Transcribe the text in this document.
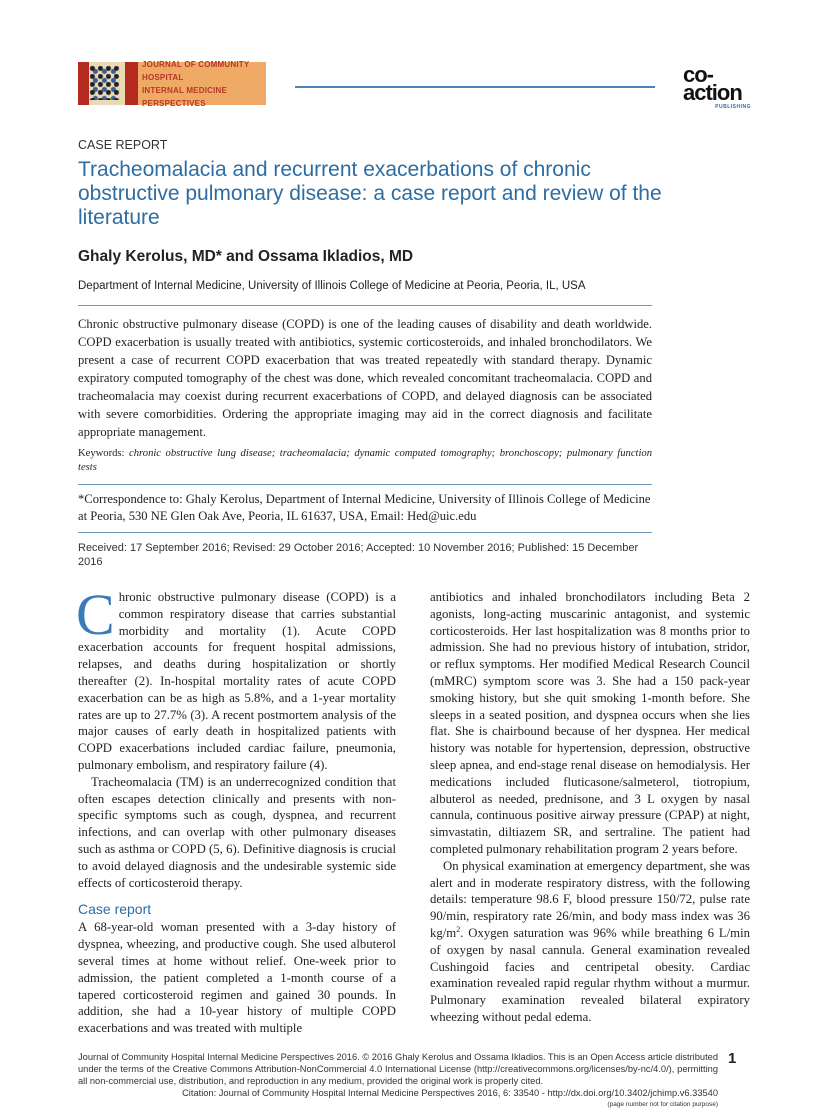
JOURNAL OF COMMUNITY HOSPITAL
INTERNAL MEDICINE PERSPECTIVES
co-action
PUBLISHING
CASE REPORT
Tracheomalacia and recurrent exacerbations of chronic obstructive pulmonary disease: a case report and review of the literature
Ghaly Kerolus, MD* and Ossama Ikladios, MD
Department of Internal Medicine, University of Illinois College of Medicine at Peoria, Peoria, IL, USA
Chronic obstructive pulmonary disease (COPD) is one of the leading causes of disability and death worldwide. COPD exacerbation is usually treated with antibiotics, systemic corticosteroids, and inhaled bronchodilators. We present a case of recurrent COPD exacerbation that was treated repeatedly with standard therapy. Dynamic expiratory computed tomography of the chest was done, which revealed concomitant tracheomalacia. COPD and tracheomalacia may coexist during recurrent exacerbations of COPD, and delayed diagnosis can be associated with severe comorbidities. Ordering the appropriate imaging may aid in the correct diagnosis and facilitate appropriate management.
Keywords: chronic obstructive lung disease; tracheomalacia; dynamic computed tomography; bronchoscopy; pulmonary function tests
*Correspondence to: Ghaly Kerolus, Department of Internal Medicine, University of Illinois College of Medicine at Peoria, 530 NE Glen Oak Ave, Peoria, IL 61637, USA, Email: Hed@uic.edu
Received: 17 September 2016; Revised: 29 October 2016; Accepted: 10 November 2016; Published: 15 December 2016

Chronic obstructive pulmonary disease (COPD) is a common respiratory disease that carries substantial morbidity and mortality (1). Acute COPD exacerbation accounts for frequent hospital admissions, relapses, and deaths during hospitalization or shortly thereafter (2). In-hospital mortality rates of acute COPD exacerbation can be as high as 5.8%, and a 1-year mortality rates are up to 27.7% (3). A recent postmortem analysis of the major causes of early death in hospitalized patients with COPD exacerbations included cardiac failure, pneumonia, pulmonary embolism, and respiratory failure (4).

Tracheomalacia (TM) is an underrecognized condition that often escapes detection clinically and presents with non-specific symptoms such as cough, dyspnea, and recurrent infections, and can overlap with other pulmonary diseases such as asthma or COPD (5, 6). Definitive diagnosis is crucial to avoid delayed diagnosis and the undesirable systemic side effects of corticosteroid therapy.

Case report

A 68-year-old woman presented with a 3-day history of dyspnea, wheezing, and productive cough. She used albuterol several times at home without relief. One-week prior to admission, the patient completed a 1-month course of a tapered corticosteroid regimen and gained 30 pounds. In addition, she had a 10-year history of multiple COPD exacerbations and was treated with multiple

antibiotics and inhaled bronchodilators including Beta 2 agonists, long-acting muscarinic antagonist, and systemic corticosteroids. Her last hospitalization was 8 months prior to admission. She had no previous history of intubation, stridor, or reflux symptoms. Her modified Medical Research Council (mMRC) symptom score was 3. She had a 150 pack-year smoking history, but she quit smoking 1-month before. She sleeps in a seated position, and dyspnea occurs when she lies flat. She is chairbound because of her dyspnea. Her medical history was notable for hypertension, depression, obstructive sleep apnea, and end-stage renal disease on hemodialysis. Her medications included fluticasone/salmeterol, tiotropium, albuterol as needed, prednisone, and 3 L oxygen by nasal cannula, continuous positive airway pressure (CPAP) at night, simvastatin, diltiazem SR, and sertraline. The patient had completed pulmonary rehabilitation program 2 years before.

On physical examination at emergency department, she was alert and in moderate respiratory distress, with the following details: temperature 98.6 F, blood pressure 150/72, pulse rate 90/min, respiratory rate 26/min, and body mass index was 36 $kg/m^2$. Oxygen saturation was 96% while breathing 6 L/min of oxygen by nasal cannula. General examination revealed Cushingoid facies and centripetal obesity. Cardiac examination revealed rapid regular rhythm without a murmur. Pulmonary examination revealed bilateral expiratory wheezing without pedal edema.

Journal of Community Hospital Internal Medicine Perspectives 2016. © 2016 Ghaly Kerolus and Ossama Ikladios. This is an Open Access article distributed under the terms of the Creative Commons Attribution-NonCommercial 4.0 International License (http://creativecommons.org/licenses/by-nc/4.0/), permitting all non-commercial use, distribution, and reproduction in any medium, provided the original work is properly cited.
Citation: Journal of Community Hospital Internal Medicine Perspectives 2016, 6: 33540 - http://dx.doi.org/10.3402/jchimp.v6.33540
(page number not for citation purpose)
1
